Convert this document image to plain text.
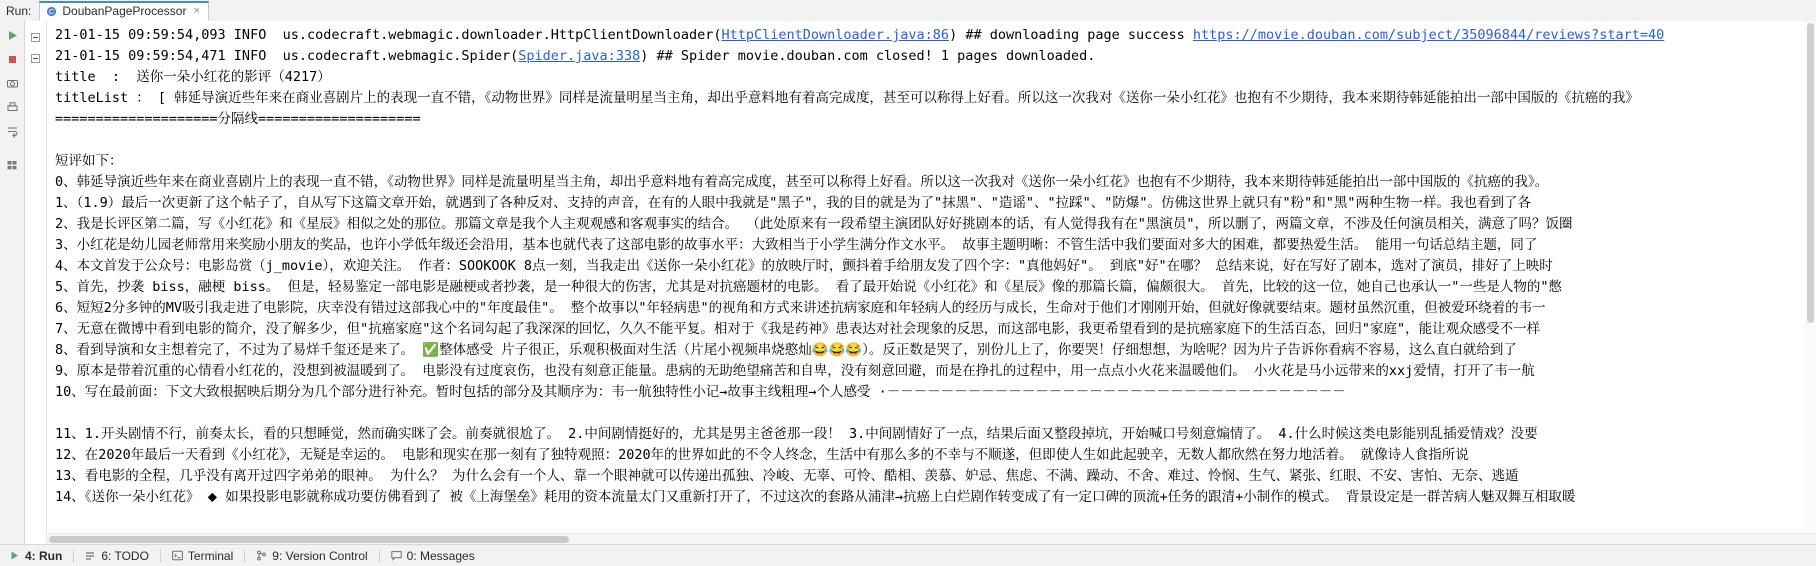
Run:	C DoubanPageProcessor ×
21-01-15 09:59:54,093 INFO  us.codecraft.webmagic.downloader.HttpClientDownloader(HttpClientDownloader.java:86) ## downloading page success https://movie.douban.com/subject/35096844/reviews?start=40
21-01-15 09:59:54,471 INFO  us.codecraft.webmagic.Spider(Spider.java:338) ## Spider movie.douban.com closed! 1 pages downloaded.
title  :  送你一朵小红花的影评（4217）
titleList ： [ 韩延导演近些年来在商业喜剧片上的表现一直不错，《动物世界》同样是流量明星当主角，却出乎意料地有着高完成度，甚至可以称得上好看。所以这一次我对《送你一朵小红花》也抱有不少期待，我本来期待韩延能拍出一部中国版的《抗癌的我》
====================分隔线====================
短评如下：
0、韩延导演近些年来在商业喜剧片上的表现一直不错，《动物世界》同样是流量明星当主角，却出乎意料地有着高完成度，甚至可以称得上好看。所以这一次我对《送你一朵小红花》也抱有不少期待，我本来期待韩延能拍出一部中国版的《抗癌的我》。
1、（1.9）最后一次更新了这个帖子了，自从写下这篇文章开始，就遇到了各种反对、支持的声音，在有的人眼中我就是"黑子"，我的目的就是为了"抹黑"、"造谣"、"拉踩"、"防爆"。仿佛这世界上就只有"粉"和"黑"两种生物一样。我也看到了各
2、我是长评区第二篇，写《小红花》和《星辰》相似之处的那位。那篇文章是我个人主观观感和客观事实的结合。 （此处原来有一段希望主演团队好好挑剧本的话，有人觉得我有在"黑演员"，所以删了，两篇文章，不涉及任何演员相关，满意了吗？饭圈
3、小红花是幼儿园老师常用来奖励小朋友的奖品，也许小学低年级还会沿用，基本也就代表了这部电影的故事水平：大致相当于小学生满分作文水平。 故事主题明晰：不管生活中我们要面对多大的困难，都要热爱生活。 能用一句话总结主题，同了
4、本文首发于公众号：电影岛赏（j_movie），欢迎关注。 作者：SOOKOOK 8点一刻，当我走出《送你一朵小红花》的放映厅时，颤抖着手给朋友发了四个字："真他妈好"。 到底"好"在哪？ 总结来说，好在写好了剧本，选对了演员，排好了上映时
5、首先，抄袭 biss，融梗 biss。 但是，轻易鉴定一部电影是融梗或者抄袭，是一种很大的伤害，尤其是对抗癌题材的电影。 看了最开始说《小红花》和《星辰》像的那篇长篇，偏颇很大。 首先，比较的这一位，她自己也承认一"一些是人物的"憋
6、短短2分多钟的MV吸引我走进了电影院，庆幸没有错过这部我心中的"年度最佳"。 整个故事以"年轻病患"的视角和方式来讲述抗病家庭和年轻病人的经历与成长，生命对于他们才刚刚开始，但就好像就要结束。题材虽然沉重，但被爱环绕着的韦一
7、无意在微博中看到电影的简介，没了解多少，但"抗癌家庭"这个名词勾起了我深深的回忆，久久不能平复。相对于《我是药神》患表达对社会现象的反思，而这部电影，我更希望看到的是抗癌家庭下的生活百态，回归"家庭"，能让观众感受不一样
8、看到导演和女主想着完了，不过为了易烊千玺还是来了。 ✅整体感受 片子很正，乐观积极面对生活（片尾小视频串烧憨灿😂😂😂）。反正数是哭了，别份儿上了，你要哭！仔细想想，为啥呢？因为片子告诉你看病不容易，这么直白就给到了
9、原本是带着沉重的心情看小红花的，没想到被温暖到了。 电影没有过度哀伤，也没有刻意正能量。患病的无助绝望痛苦和自卑，没有刻意回避，而是在挣扎的过程中，用一点点小火花来温暖他们。 小火花是马小远带来的xxj爱情，打开了韦一航
10、写在最前面：下文大致根据映后期分为几个部分进行补充。暂时包括的部分及其顺序为：韦一航独特性小记→故事主线粗理→个人感受 ·－－－－－－－－－－－－－－－－－－－－－－－－－－－－－－－－－－
11、1.开头剧情不行，前奏太长，看的只想睡觉，然而确实眯了会。前奏就很尬了。 2.中间剧情挺好的，尤其是男主爸爸那一段！ 3.中间剧情好了一点，结果后面又整段掉坑，开始喊口号刻意煽情了。 4.什么时候这类电影能别乱插爱情戏？没要
12、在2020年最后一天看到《小红花》，无疑是幸运的。 电影和现实在那一刻有了独特观照：2020年的世界如此的不令人终念，生活中有那么多的不幸与不顺遂，但即使人生如此起驶辛，无数人都欣然在努力地活着。 就像诗人食指所说
13、看电影的全程，几乎没有离开过四字弟弟的眼神。 为什么？ 为什么会有一个人、靠一个眼神就可以传递出孤独、冷峻、无辜、可怜、酷相、羡慕、妒忌、焦虑、不满、躁动、不舍、难过、怜悯、生气、紧张、红眼、不安、害怕、无奈、逃遁
14、《送你一朵小红花》 ⬥ 如果投影电影就称成功要仿佛看到了 被《上海堡垒》耗用的资本流量太门又重新打开了，不过这次的套路从浦津→抗癌上白烂剧作转变成了有一定口碑的顶流+任务的跟清+小制作的模式。 背景设定是一群苦病人魅双舞互相取暖
4: Run	6: TODO	Terminal	9: Version Control	0: Messages
